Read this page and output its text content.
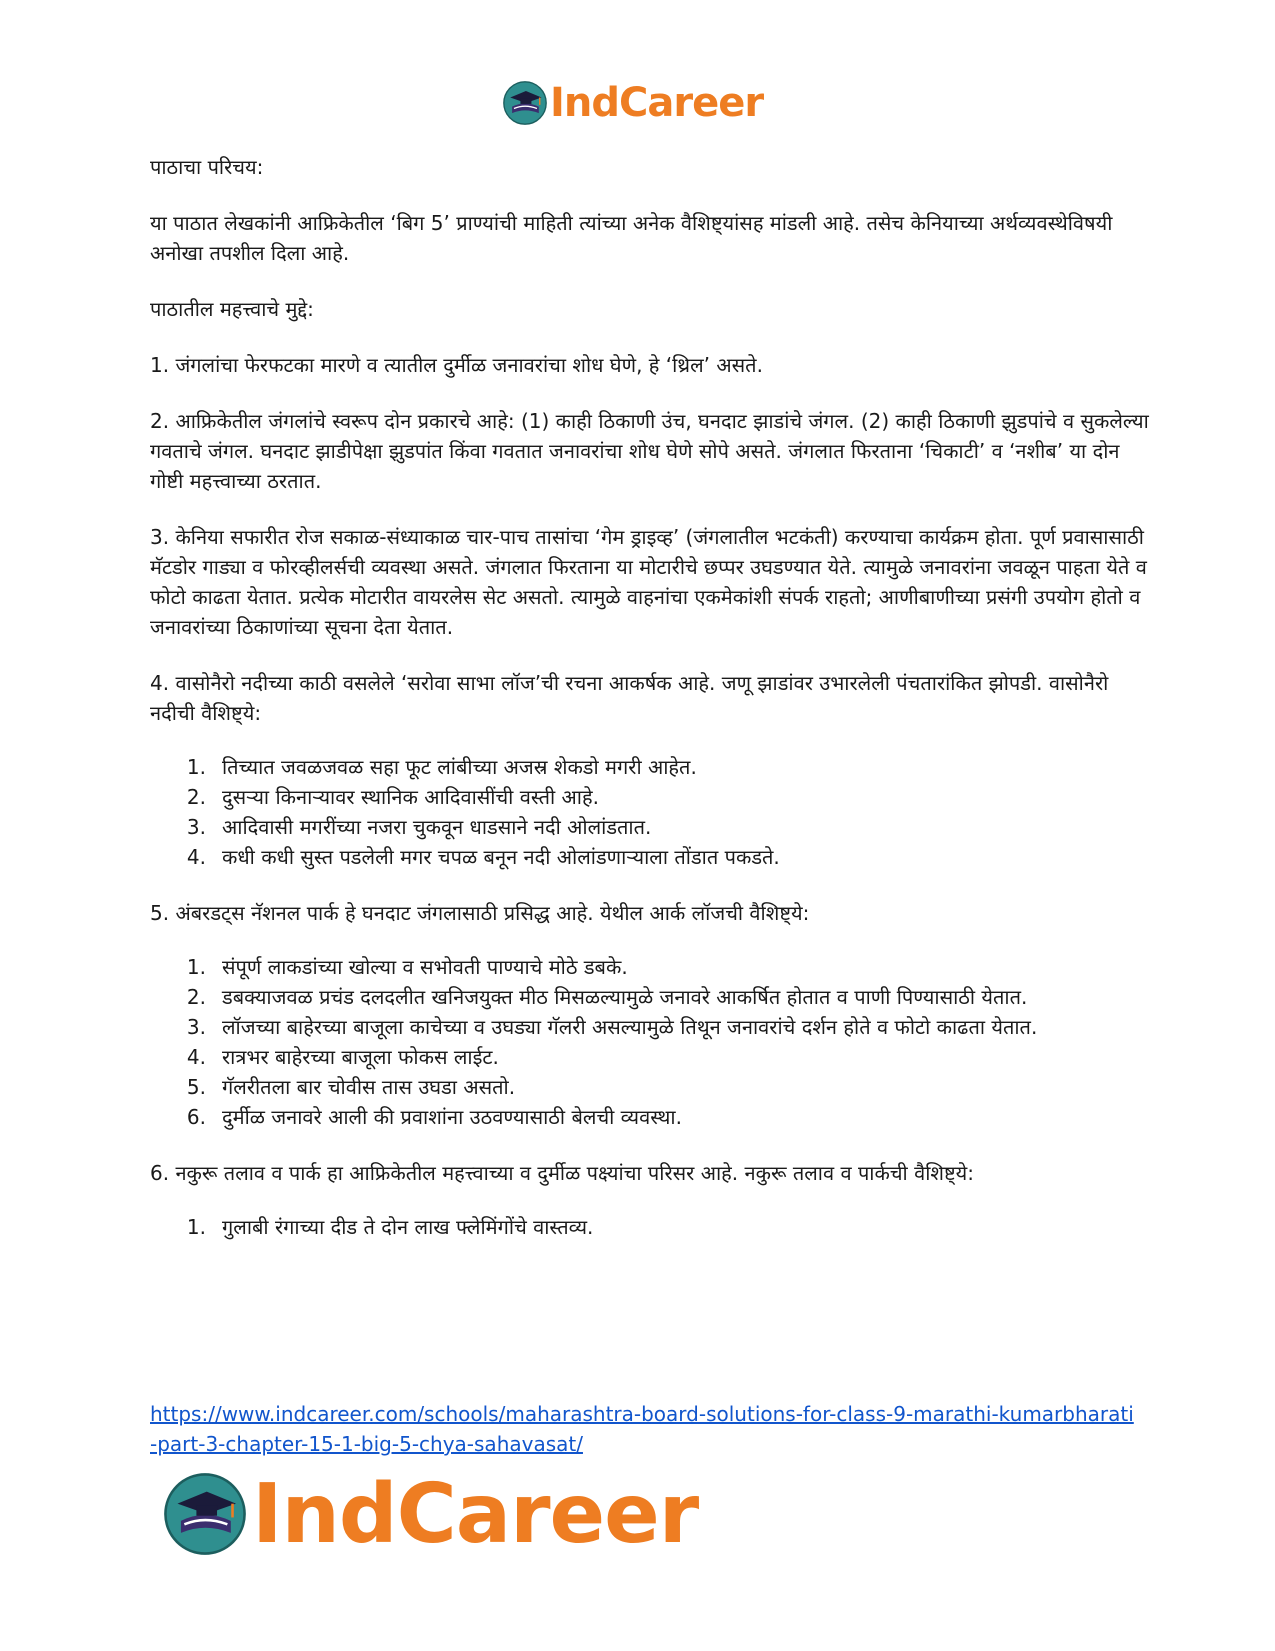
IndCareer

पाठाचा परिचय:

या पाठात लेखकांनी आफ्रिकेतील ‘बिग 5’ प्राण्यांची माहिती त्यांच्या अनेक वैशिष्ट्यांसह मांडली आहे. तसेच केनियाच्या अर्थव्यवस्थेविषयी अनोखा तपशील दिला आहे.

पाठातील महत्त्वाचे मुद्दे:

1. जंगलांचा फेरफटका मारणे व त्यातील दुर्मीळ जनावरांचा शोध घेणे, हे ‘थ्रिल’ असते.

2. आफ्रिकेतील जंगलांचे स्वरूप दोन प्रकारचे आहे: (1) काही ठिकाणी उंच, घनदाट झाडांचे जंगल. (2) काही ठिकाणी झुडपांचे व सुकलेल्या गवताचे जंगल. घनदाट झाडीपेक्षा झुडपांत किंवा गवतात जनावरांचा शोध घेणे सोपे असते. जंगलात फिरताना ‘चिकाटी’ व ‘नशीब’ या दोन गोष्टी महत्त्वाच्या ठरतात.

3. केनिया सफारीत रोज सकाळ-संध्याकाळ चार-पाच तासांचा ‘गेम ड्राइव्ह’ (जंगलातील भटकंती) करण्याचा कार्यक्रम होता. पूर्ण प्रवासासाठी मॅटडोर गाड्या व फोरव्हीलर्सची व्यवस्था असते. जंगलात फिरताना या मोटारीचे छप्पर उघडण्यात येते. त्यामुळे जनावरांना जवळून पाहता येते व फोटो काढता येतात. प्रत्येक मोटारीत वायरलेस सेट असतो. त्यामुळे वाहनांचा एकमेकांशी संपर्क राहतो; आणीबाणीच्या प्रसंगी उपयोग होतो व जनावरांच्या ठिकाणांच्या सूचना देता येतात.

4. वासोनैरो नदीच्या काठी वसलेले ‘सरोवा साभा लॉज’ची रचना आकर्षक आहे. जणू झाडांवर उभारलेली पंचतारांकित झोपडी. वासोनैरो नदीची वैशिष्ट्ये:

1. तिच्यात जवळजवळ सहा फूट लांबीच्या अजस्र शेकडो मगरी आहेत.
2. दुसऱ्या किनाऱ्यावर स्थानिक आदिवासींची वस्ती आहे.
3. आदिवासी मगरींच्या नजरा चुकवून धाडसाने नदी ओलांडतात.
4. कधी कधी सुस्त पडलेली मगर चपळ बनून नदी ओलांडणाऱ्याला तोंडात पकडते.

5. अंबरडट्स नॅशनल पार्क हे घनदाट जंगलासाठी प्रसिद्ध आहे. येथील आर्क लॉजची वैशिष्ट्ये:

1. संपूर्ण लाकडांच्या खोल्या व सभोवती पाण्याचे मोठे डबके.
2. डबक्याजवळ प्रचंड दलदलीत खनिजयुक्त मीठ मिसळल्यामुळे जनावरे आकर्षित होतात व पाणी पिण्यासाठी येतात.
3. लॉजच्या बाहेरच्या बाजूला काचेच्या व उघड्या गॅलरी असल्यामुळे तिथून जनावरांचे दर्शन होते व फोटो काढता येतात.
4. रात्रभर बाहेरच्या बाजूला फोकस लाईट.
5. गॅलरीतला बार चोवीस तास उघडा असतो.
6. दुर्मीळ जनावरे आली की प्रवाशांना उठवण्यासाठी बेलची व्यवस्था.

6. नकुरू तलाव व पार्क हा आफ्रिकेतील महत्त्वाच्या व दुर्मीळ पक्ष्यांचा परिसर आहे. नकुरू तलाव व पार्कची वैशिष्ट्ये:

1. गुलाबी रंगाच्या दीड ते दोन लाख फ्लेमिंगोंचे वास्तव्य.
https://www.indcareer.com/schools/maharashtra-board-solutions-for-class-9-marathi-kumarbharati-part-3-chapter-15-1-big-5-chya-sahavasat/
IndCareer
